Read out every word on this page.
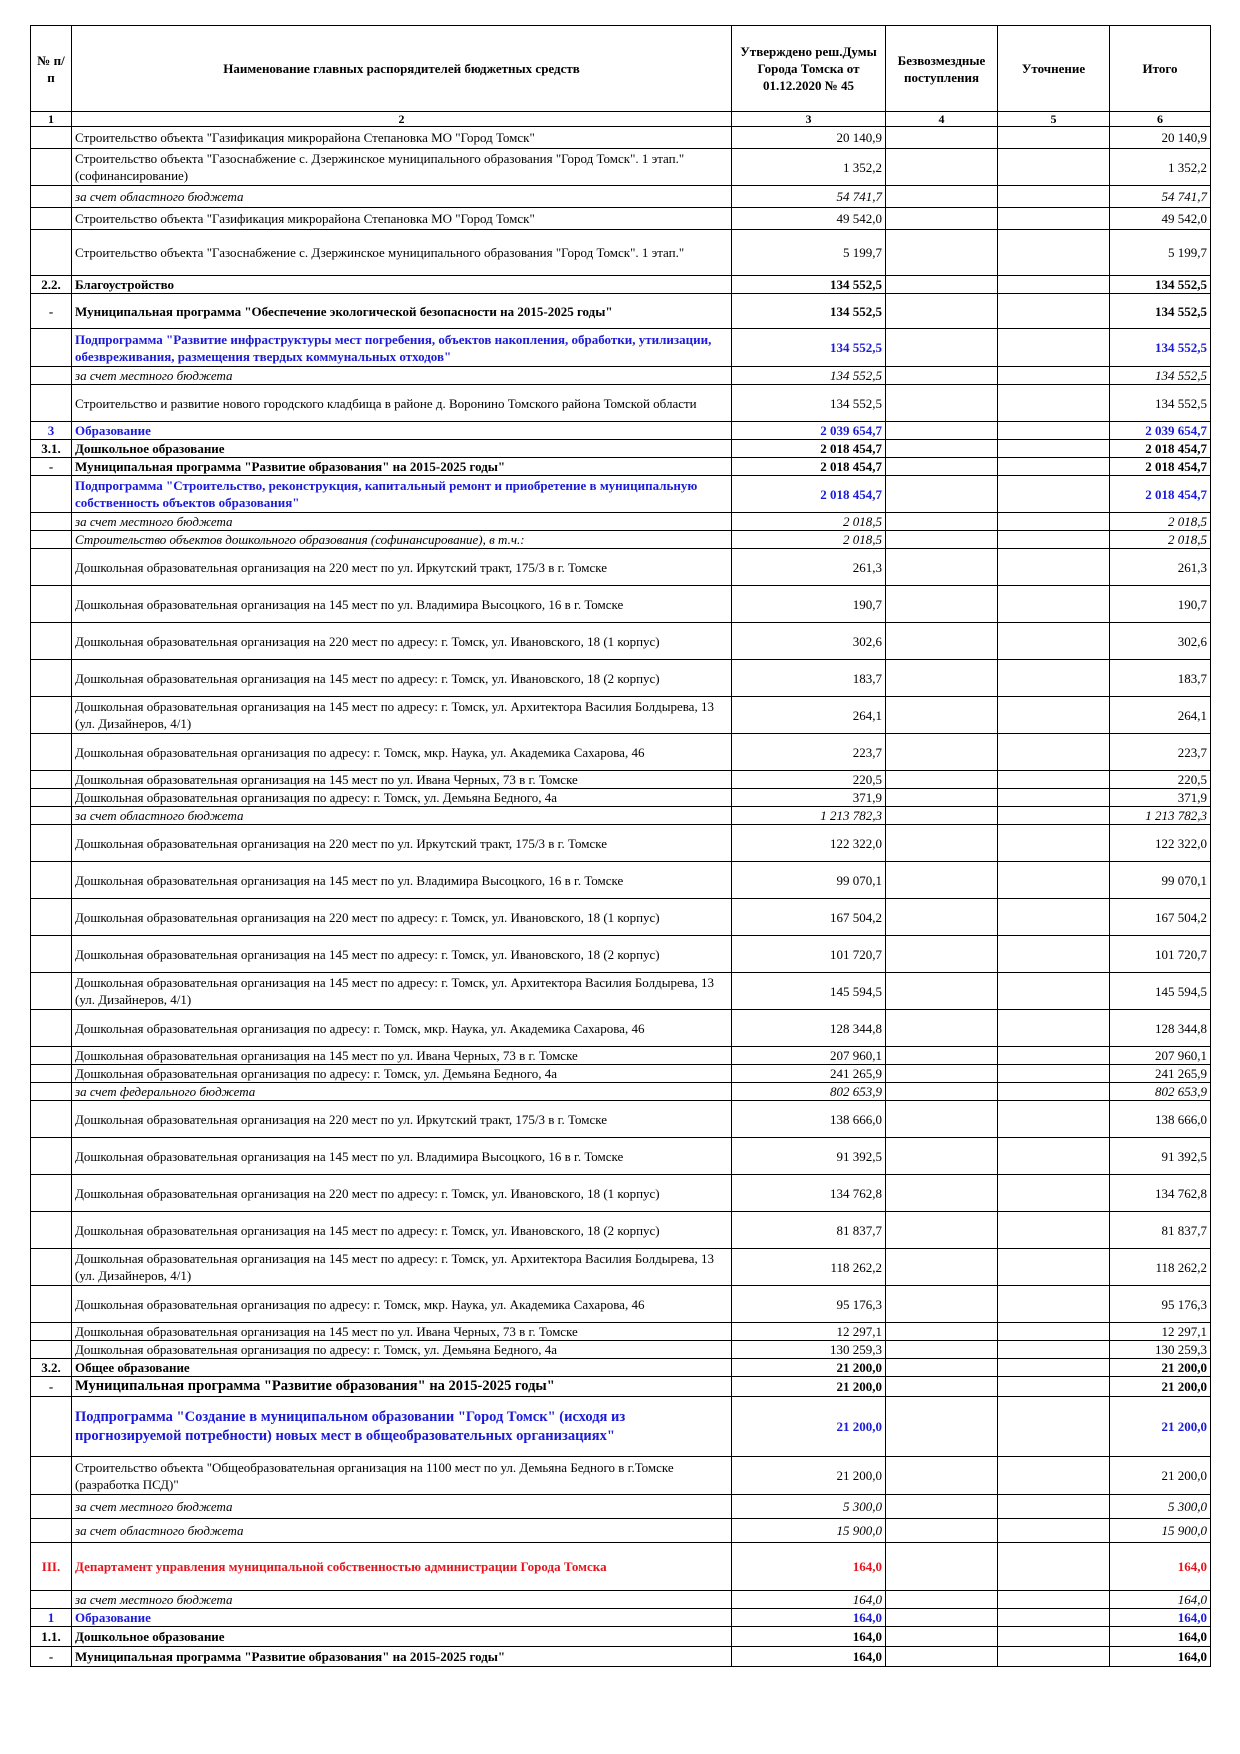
№ п/п	Наименование главных распорядителей бюджетных средств	Утверждено реш.Думы Города Томска от 01.12.2020 № 45	Безвозмездные поступления	Уточнение	Итого
1	2	3	4	5	6
	Строительство объекта "Газификация микрорайона Степановка МО "Город Томск"	20 140,9			20 140,9
	Строительство объекта "Газоснабжение с. Дзержинское муниципального образования "Город Томск". 1 этап." (софинансирование)	1 352,2			1 352,2
	за счет областного бюджета	54 741,7			54 741,7
	Строительство объекта "Газификация микрорайона Степановка МО "Город Томск"	49 542,0			49 542,0
	Строительство объекта "Газоснабжение с. Дзержинское муниципального образования "Город Томск". 1 этап."	5 199,7			5 199,7
2.2.	Благоустройство	134 552,5			134 552,5
-	Муниципальная программа "Обеспечение экологической безопасности на 2015-2025 годы"	134 552,5			134 552,5
	Подпрограмма "Развитие инфраструктуры мест погребения, объектов накопления, обработки, утилизации, обезвреживания, размещения твердых коммунальных отходов"	134 552,5			134 552,5
	за счет местного бюджета	134 552,5			134 552,5
	Строительство и развитие нового городского кладбища в районе д. Воронино Томского района Томской области	134 552,5			134 552,5
3	Образование	2 039 654,7			2 039 654,7
3.1.	Дошкольное образование	2 018 454,7			2 018 454,7
-	Муниципальная программа "Развитие образования" на 2015-2025 годы"	2 018 454,7			2 018 454,7
	Подпрограмма "Строительство, реконструкция, капитальный ремонт и приобретение в муниципальную собственность объектов образования"	2 018 454,7			2 018 454,7
	за счет местного бюджета	2 018,5			2 018,5
	Строительство объектов дошкольного образования (софинансирование), в т.ч.:	2 018,5			2 018,5
	Дошкольная образовательная организация на 220 мест по ул. Иркутский тракт, 175/3 в г. Томске	261,3			261,3
	Дошкольная образовательная организация на 145 мест по ул. Владимира Высоцкого, 16 в г. Томске	190,7			190,7
	Дошкольная образовательная организация на 220 мест по адресу: г. Томск, ул. Ивановского, 18 (1 корпус)	302,6			302,6
	Дошкольная образовательная организация на 145 мест по адресу: г. Томск, ул. Ивановского, 18 (2 корпус)	183,7			183,7
	Дошкольная образовательная организация на 145 мест по адресу: г. Томск, ул. Архитектора Василия Болдырева, 13 (ул. Дизайнеров, 4/1)	264,1			264,1
	Дошкольная образовательная организация по адресу: г. Томск, мкр. Наука, ул. Академика Сахарова, 46	223,7			223,7
	Дошкольная образовательная организация на 145 мест по ул. Ивана Черных, 73 в г. Томске	220,5			220,5
	Дошкольная образовательная организация по адресу: г. Томск, ул. Демьяна Бедного, 4а	371,9			371,9
	за счет областного бюджета	1 213 782,3			1 213 782,3
	Дошкольная образовательная организация на 220 мест по ул. Иркутский тракт, 175/3 в г. Томске	122 322,0			122 322,0
	Дошкольная образовательная организация на 145 мест по ул. Владимира Высоцкого, 16 в г. Томске	99 070,1			99 070,1
	Дошкольная образовательная организация на 220 мест по адресу: г. Томск, ул. Ивановского, 18 (1 корпус)	167 504,2			167 504,2
	Дошкольная образовательная организация на 145 мест по адресу: г. Томск, ул. Ивановского, 18 (2 корпус)	101 720,7			101 720,7
	Дошкольная образовательная организация на 145 мест по адресу: г. Томск, ул. Архитектора Василия Болдырева, 13 (ул. Дизайнеров, 4/1)	145 594,5			145 594,5
	Дошкольная образовательная организация по адресу: г. Томск, мкр. Наука, ул. Академика Сахарова, 46	128 344,8			128 344,8
	Дошкольная образовательная организация на 145 мест по ул. Ивана Черных, 73 в г. Томске	207 960,1			207 960,1
	Дошкольная образовательная организация по адресу: г. Томск, ул. Демьяна Бедного, 4а	241 265,9			241 265,9
	за счет федерального бюджета	802 653,9			802 653,9
	Дошкольная образовательная организация на 220 мест по ул. Иркутский тракт, 175/3 в г. Томске	138 666,0			138 666,0
	Дошкольная образовательная организация на 145 мест по ул. Владимира Высоцкого, 16 в г. Томске	91 392,5			91 392,5
	Дошкольная образовательная организация на 220 мест по адресу: г. Томск, ул. Ивановского, 18 (1 корпус)	134 762,8			134 762,8
	Дошкольная образовательная организация на 145 мест по адресу: г. Томск, ул. Ивановского, 18 (2 корпус)	81 837,7			81 837,7
	Дошкольная образовательная организация на 145 мест по адресу: г. Томск, ул. Архитектора Василия Болдырева, 13 (ул. Дизайнеров, 4/1)	118 262,2			118 262,2
	Дошкольная образовательная организация по адресу: г. Томск, мкр. Наука, ул. Академика Сахарова, 46	95 176,3			95 176,3
	Дошкольная образовательная организация на 145 мест по ул. Ивана Черных, 73 в г. Томске	12 297,1			12 297,1
	Дошкольная образовательная организация по адресу: г. Томск, ул. Демьяна Бедного, 4а	130 259,3			130 259,3
3.2.	Общее образование	21 200,0			21 200,0
-	Муниципальная программа "Развитие образования" на 2015-2025 годы"	21 200,0			21 200,0
	Подпрограмма "Создание в муниципальном образовании "Город Томск" (исходя из прогнозируемой потребности) новых мест в общеобразовательных организациях"	21 200,0			21 200,0
	Строительство объекта "Общеобразовательная организация на 1100 мест по ул. Демьяна Бедного в г.Томске (разработка ПСД)"	21 200,0			21 200,0
	за счет местного бюджета	5 300,0			5 300,0
	за счет областного бюджета	15 900,0			15 900,0
III.	Департамент управления муниципальной собственностью администрации Города Томска	164,0			164,0
	за счет местного бюджета	164,0			164,0
1	Образование	164,0			164,0
1.1.	Дошкольное образование	164,0			164,0
-	Муниципальная программа "Развитие образования" на 2015-2025 годы"	164,0			164,0
